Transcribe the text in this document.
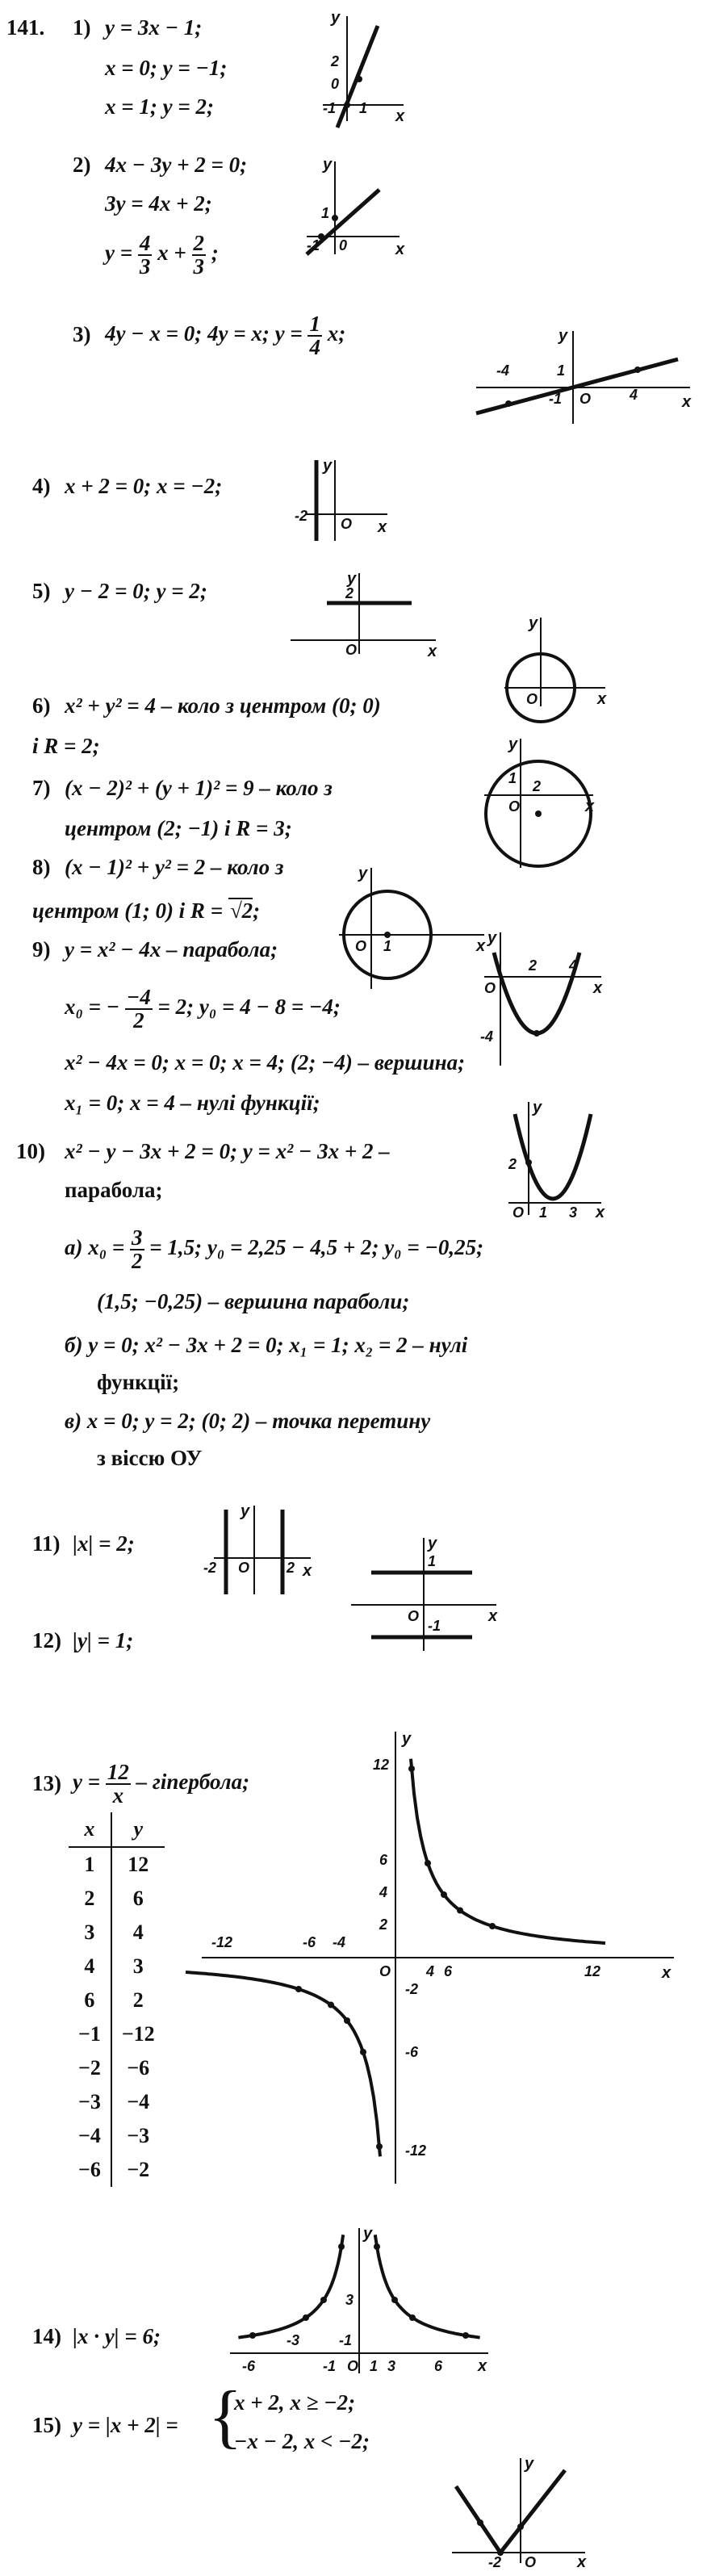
141. 1) y = 3x − 1;
x = 0; y = −1;
x = 1; y = 2;
y
x
2
0
-1 1
2) 4x − 3y + 2 = 0;
3y = 4x + 2;
$y = \frac{4}{3}$ $x + \frac{2}{3}$ ;
y
x
1
-1 0
3) 4y − x = 0; 4y = x; $y = \frac{1}{4} x$;	y
x
-4	1
4
-1 O
4) x + 2 = 0; x = −2;
y
x
-2 O
5) y − 2 = 0; y = 2;	y
x
2
O
y
x
O
6) x² + y² = 4 – коло з центром (0; 0)
і R = 2;
7) (x − 2)² + (y + 1)² = 9 – коло з
центром (2; −1) і R = 3;
y
x
1 2
O
8) (x − 1)² + y² = 2 – коло з
центром (1; 0) і R = √2;
y
x
1
O
9) y = x² − 4x – парабола;
x₀ = − $\frac{-4}{2} = 2$; y₀ = 4 − 8 = −4;
x² − 4x = 0; x = 0; x = 4; (2; −4) – вершина;
x₁ = 0; x = 4 – нулі функції;
y
x
2 4
-4
O
10) x² − y − 3x + 2 = 0; y = x² − 3x + 2 –
парабола;
а) $x_0 = \frac{3}{2} = 1,5$; y₀ = 2,25 − 4,5 + 2; y₀ = −0,25;
(1,5; −0,25) – вершина параболи;
б) y = 0; x² − 3x + 2 = 0; x₁ = 1; x₂ = 2 – нулі
функції;
в) x = 0; y = 2; (0; 2) – точка перетину
з віссю ОУ
y
x
2
1 3
O
11) |x| = 2;
y
x
-2	2
O
12) |y| = 1;
y
x
1
-1
O
13) $y = \frac{12}{x}$ – гіпербола;
x	y
1	12
2	6
3	4
4	3
6	2
−1	−12
−2	−6
−3	−4
−4	−3
−6	−2
y
x
-12	-6 -4
O 4 6	12
12
6
4
2
-2
-6
-12
14) |x · y| = 6;
y
x
-6
-3
-1 O 1 3	6
3
-1
15) y = |x + 2| = {
x + 2, x ≥ −2;
−x − 2, x < −2;
y
x
-2 O
